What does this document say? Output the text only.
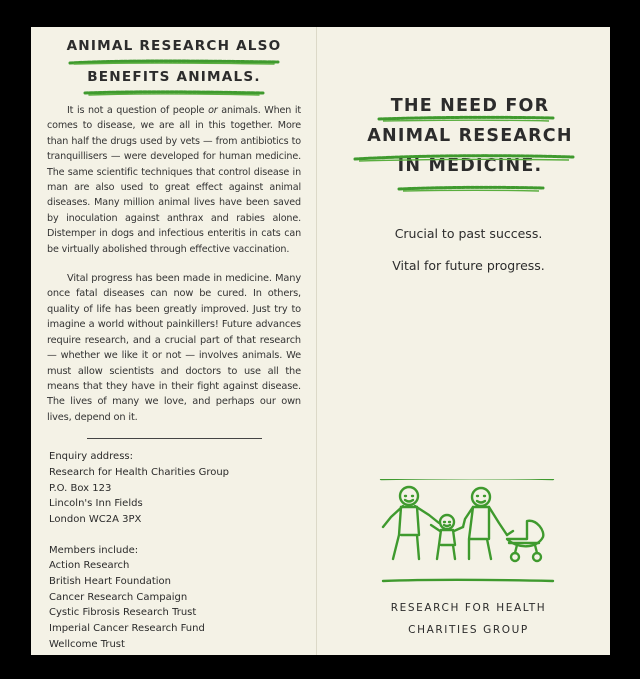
ANIMAL RESEARCH ALSO
BENEFITS ANIMALS.

It is not a question of people or animals. When it comes to disease, we are all in this together. More than half the drugs used by vets — from antibiotics to tranquillisers — were developed for human medicine. The same scientific techniques that control disease in man are also used to great effect against animal diseases. Many million animal lives have been saved by inoculation against anthrax and rabies alone. Distemper in dogs and infectious enteritis in cats can be virtually abolished through effective vaccination.

Vital progress has been made in medicine. Many once fatal diseases can now be cured. In others, quality of life has been greatly improved. Just try to imagine a world without painkillers! Future advances require research, and a crucial part of that research — whether we like it or not — involves animals. We must allow scientists and doctors to use all the means that they have in their fight against disease. The lives of many we love, and perhaps our own lives, depend on it.

Enquiry address:
Research for Health Charities Group
P.O. Box 123
Lincoln's Inn Fields
London WC2A 3PX
Members include:
Action Research
British Heart Foundation
Cancer Research Campaign
Cystic Fibrosis Research Trust
Imperial Cancer Research Fund
Wellcome Trust
THE NEED FOR
ANIMAL RESEARCH
IN MEDICINE.
Crucial to past success.
Vital for future progress.
RESEARCH FOR HEALTH
CHARITIES GROUP
